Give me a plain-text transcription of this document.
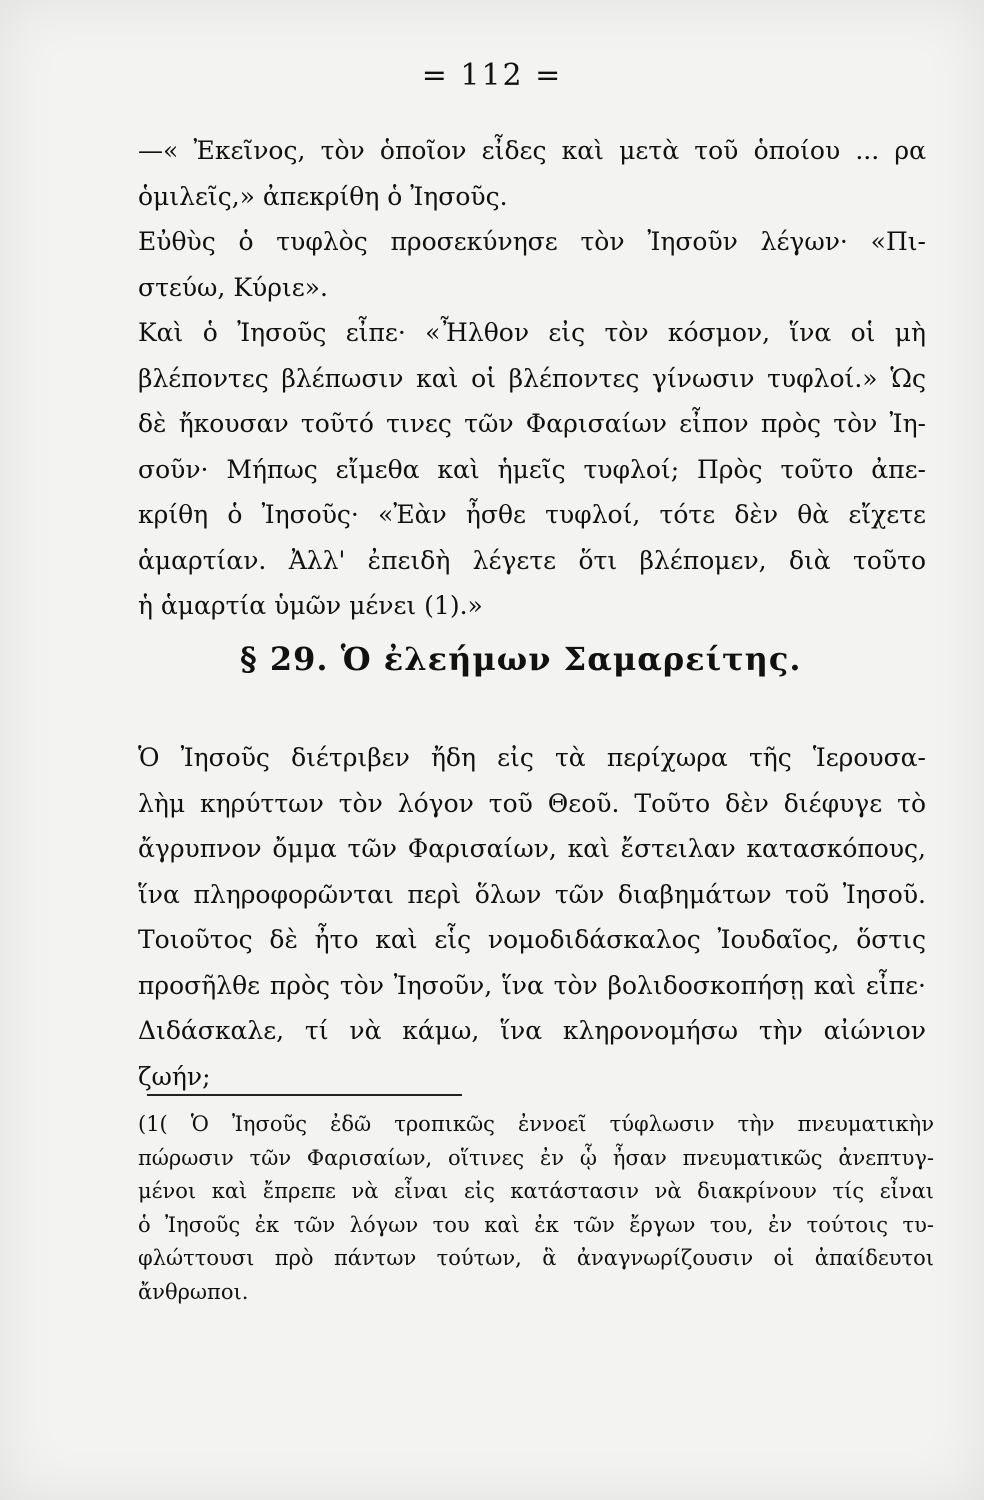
= 112 =
—« Ἐκεῖνος, τὸν ὁποῖον εἶδες καὶ μετὰ τοῦ ὁποίου ... ρα
ὁμιλεῖς,» ἀπεκρίθη ὁ Ἰησοῦς.
Εὐθὺς ὁ τυφλὸς προσεκύνησε τὸν Ἰησοῦν λέγων· «Πι-
στεύω, Κύριε».
Καὶ ὁ Ἰησοῦς εἶπε· «Ἦλθον εἰς τὸν κόσμον, ἵνα οἱ μὴ
βλέποντες βλέπωσιν καὶ οἱ βλέποντες γίνωσιν τυφλοί.» Ὡς
δὲ ἤκουσαν τοῦτό τινες τῶν Φαρισαίων εἶπον πρὸς τὸν Ἰη-
σοῦν· Μήπως εἴμεθα καὶ ἡμεῖς τυφλοί; Πρὸς τοῦτο ἀπε-
κρίθη ὁ Ἰησοῦς· «Ἐὰν ἦσθε τυφλοί, τότε δὲν θὰ εἴχετε
ἁμαρτίαν. Ἀλλ' ἐπειδὴ λέγετε ὅτι βλέπομεν, διὰ τοῦτο
ἡ ἁμαρτία ὑμῶν μένει (1).»
§ 29. Ὁ ἐλεήμων Σαμαρείτης.
Ὁ Ἰησοῦς διέτριβεν ἤδη εἰς τὰ περίχωρα τῆς Ἱερουσα-
λὴμ κηρύττων τὸν λόγον τοῦ Θεοῦ. Τοῦτο δὲν διέφυγε τὸ
ἄγρυπνον ὄμμα τῶν Φαρισαίων, καὶ ἔστειλαν κατασκόπους,
ἵνα πληροφορῶνται περὶ ὅλων τῶν διαβημάτων τοῦ Ἰησοῦ.
Τοιοῦτος δὲ ἦτο καὶ εἷς νομοδιδάσκαλος Ἰουδαῖος, ὅστις
προσῆλθε πρὸς τὸν Ἰησοῦν, ἵνα τὸν βολιδοσκοπήσῃ καὶ εἶπε·
Διδάσκαλε, τί νὰ κάμω, ἵνα κληρονομήσω τὴν αἰώνιον
ζωήν;
(1( Ὁ Ἰησοῦς ἐδῶ τροπικῶς ἐννοεῖ τύφλωσιν τὴν πνευματικὴν
πώρωσιν τῶν Φαρισαίων, οἵτινες ἐν ᾧ ἦσαν πνευματικῶς ἀνεπτυγ-
μένοι καὶ ἔπρεπε νὰ εἶναι εἰς κατάστασιν νὰ διακρίνουν τίς εἶναι
ὁ Ἰησοῦς ἐκ τῶν λόγων του καὶ ἐκ τῶν ἔργων του, ἐν τούτοις τυ-
φλώττουσι πρὸ πάντων τούτων, ἃ ἀναγνωρίζουσιν οἱ ἀπαίδευτοι
ἄνθρωποι.
